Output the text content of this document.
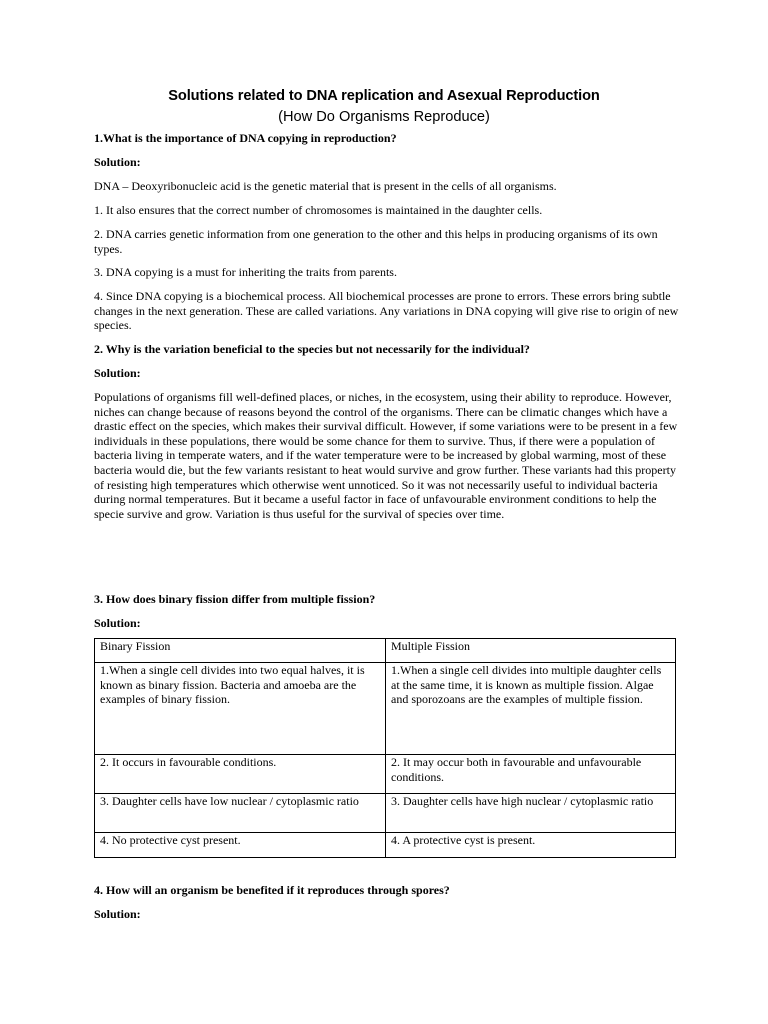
Solutions related to DNA replication and Asexual Reproduction
(How Do Organisms Reproduce)

1.What is the importance of DNA copying in reproduction?

Solution:

DNA – Deoxyribonucleic acid is the genetic material that is present in the cells of all organisms.

1. It also ensures that the correct number of chromosomes is maintained in the daughter cells.

2. DNA carries genetic information from one generation to the other and this helps in producing organisms of its own types.

3. DNA copying is a must for inheriting the traits from parents.

4. Since DNA copying is a biochemical process. All biochemical processes are prone to errors. These errors bring subtle changes in the next generation. These are called variations. Any variations in DNA copying will give rise to origin of new species.

2. Why is the variation beneficial to the species but not necessarily for the individual?

Solution:

Populations of organisms fill well-defined places, or niches, in the ecosystem, using their ability to reproduce. However, niches can change because of reasons beyond the control of the organisms. There can be climatic changes which have a drastic effect on the species, which makes their survival difficult. However, if some variations were to be present in a few individuals in these populations, there would be some chance for them to survive. Thus, if there were a population of bacteria living in temperate waters, and if the water temperature were to be increased by global warming, most of these bacteria would die, but the few variants resistant to heat would survive and grow further. These variants had this property of resisting high temperatures which otherwise went unnoticed. So it was not necessarily useful to individual bacteria during normal temperatures. But it became a useful factor in face of unfavourable environment conditions to help the specie survive and grow. Variation is thus useful for the survival of species over time.

3. How does binary fission differ from multiple fission?

Solution:

Binary Fission	Multiple Fission
1.When a single cell divides into two equal halves, it is known as binary fission. Bacteria and amoeba are the examples of binary fission.	1.When a single cell divides into multiple daughter cells at the same time, it is known as multiple fission. Algae and sporozoans are the examples of multiple fission.
2. It occurs in favourable conditions.	2. It may occur both in favourable and unfavourable conditions.
3. Daughter cells have low nuclear / cytoplasmic ratio	3. Daughter cells have high nuclear / cytoplasmic ratio
4. No protective cyst present.	4. A protective cyst is present.

4. How will an organism be benefited if it reproduces through spores?

Solution:
